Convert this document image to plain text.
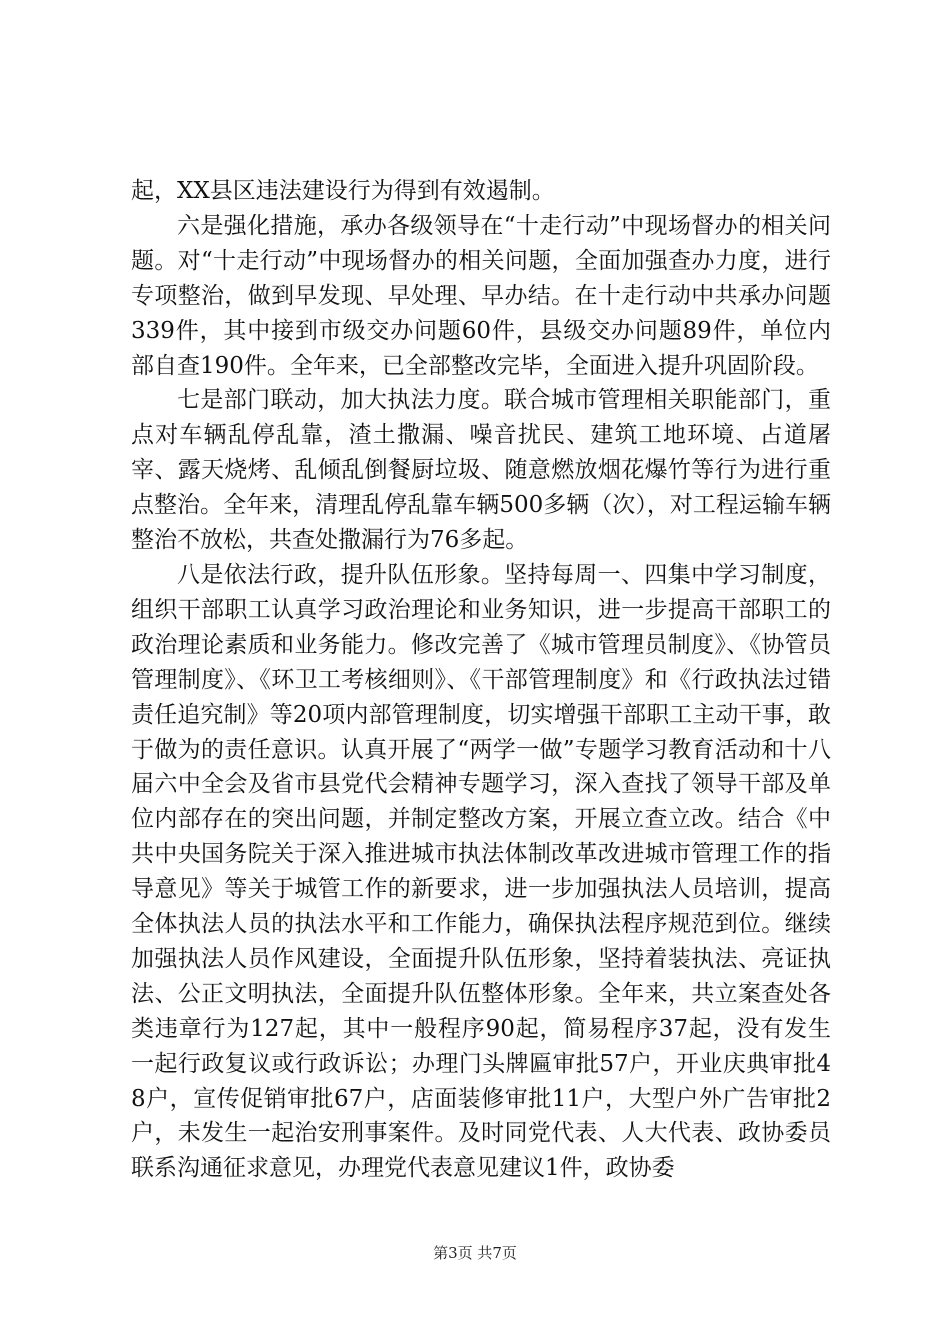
起，XX县区违法建设行为得到有效遏制。

六是强化措施，承办各级领导在“十走行动”中现场督办的相关问题。对“十走行动”中现场督办的相关问题，全面加强查办力度，进行专项整治，做到早发现、早处理、早办结。在十走行动中共承办问题339件，其中接到市级交办问题60件，县级交办问题89件，单位内部自查190件。全年来，已全部整改完毕，全面进入提升巩固阶段。

七是部门联动，加大执法力度。联合城市管理相关职能部门，重点对车辆乱停乱靠，渣土撒漏、噪音扰民、建筑工地环境、占道屠宰、露天烧烤、乱倾乱倒餐厨垃圾、随意燃放烟花爆竹等行为进行重点整治。全年来，清理乱停乱靠车辆500多辆（次），对工程运输车辆整治不放松，共查处撒漏行为76多起。

八是依法行政，提升队伍形象。坚持每周一、四集中学习制度，组织干部职工认真学习政治理论和业务知识，进一步提高干部职工的政治理论素质和业务能力。修改完善了《城市管理员制度》、《协管员管理制度》、《环卫工考核细则》、《干部管理制度》和《行政执法过错责任追究制》等20项内部管理制度，切实增强干部职工主动干事，敢于做为的责任意识。认真开展了“两学一做”专题学习教育活动和十八届六中全会及省市县党代会精神专题学习，深入查找了领导干部及单位内部存在的突出问题，并制定整改方案，开展立查立改。结合《中共中央国务院关于深入推进城市执法体制改革改进城市管理工作的指导意见》等关于城管工作的新要求，进一步加强执法人员培训，提高全体执法人员的执法水平和工作能力，确保执法程序规范到位。继续加强执法人员作风建设，全面提升队伍形象，坚持着装执法、亮证执法、公正文明执法，全面提升队伍整体形象。全年来，共立案查处各类违章行为127起，其中一般程序90起，简易程序37起，没有发生一起行政复议或行政诉讼；办理门头牌匾审批57户，开业庆典审批48户，宣传促销审批67户，店面装修审批11户，大型户外广告审批2户，未发生一起治安刑事案件。及时同党代表、人大代表、政协委员联系沟通征求意见，办理党代表意见建议1件，政协委

第3页 共7页
